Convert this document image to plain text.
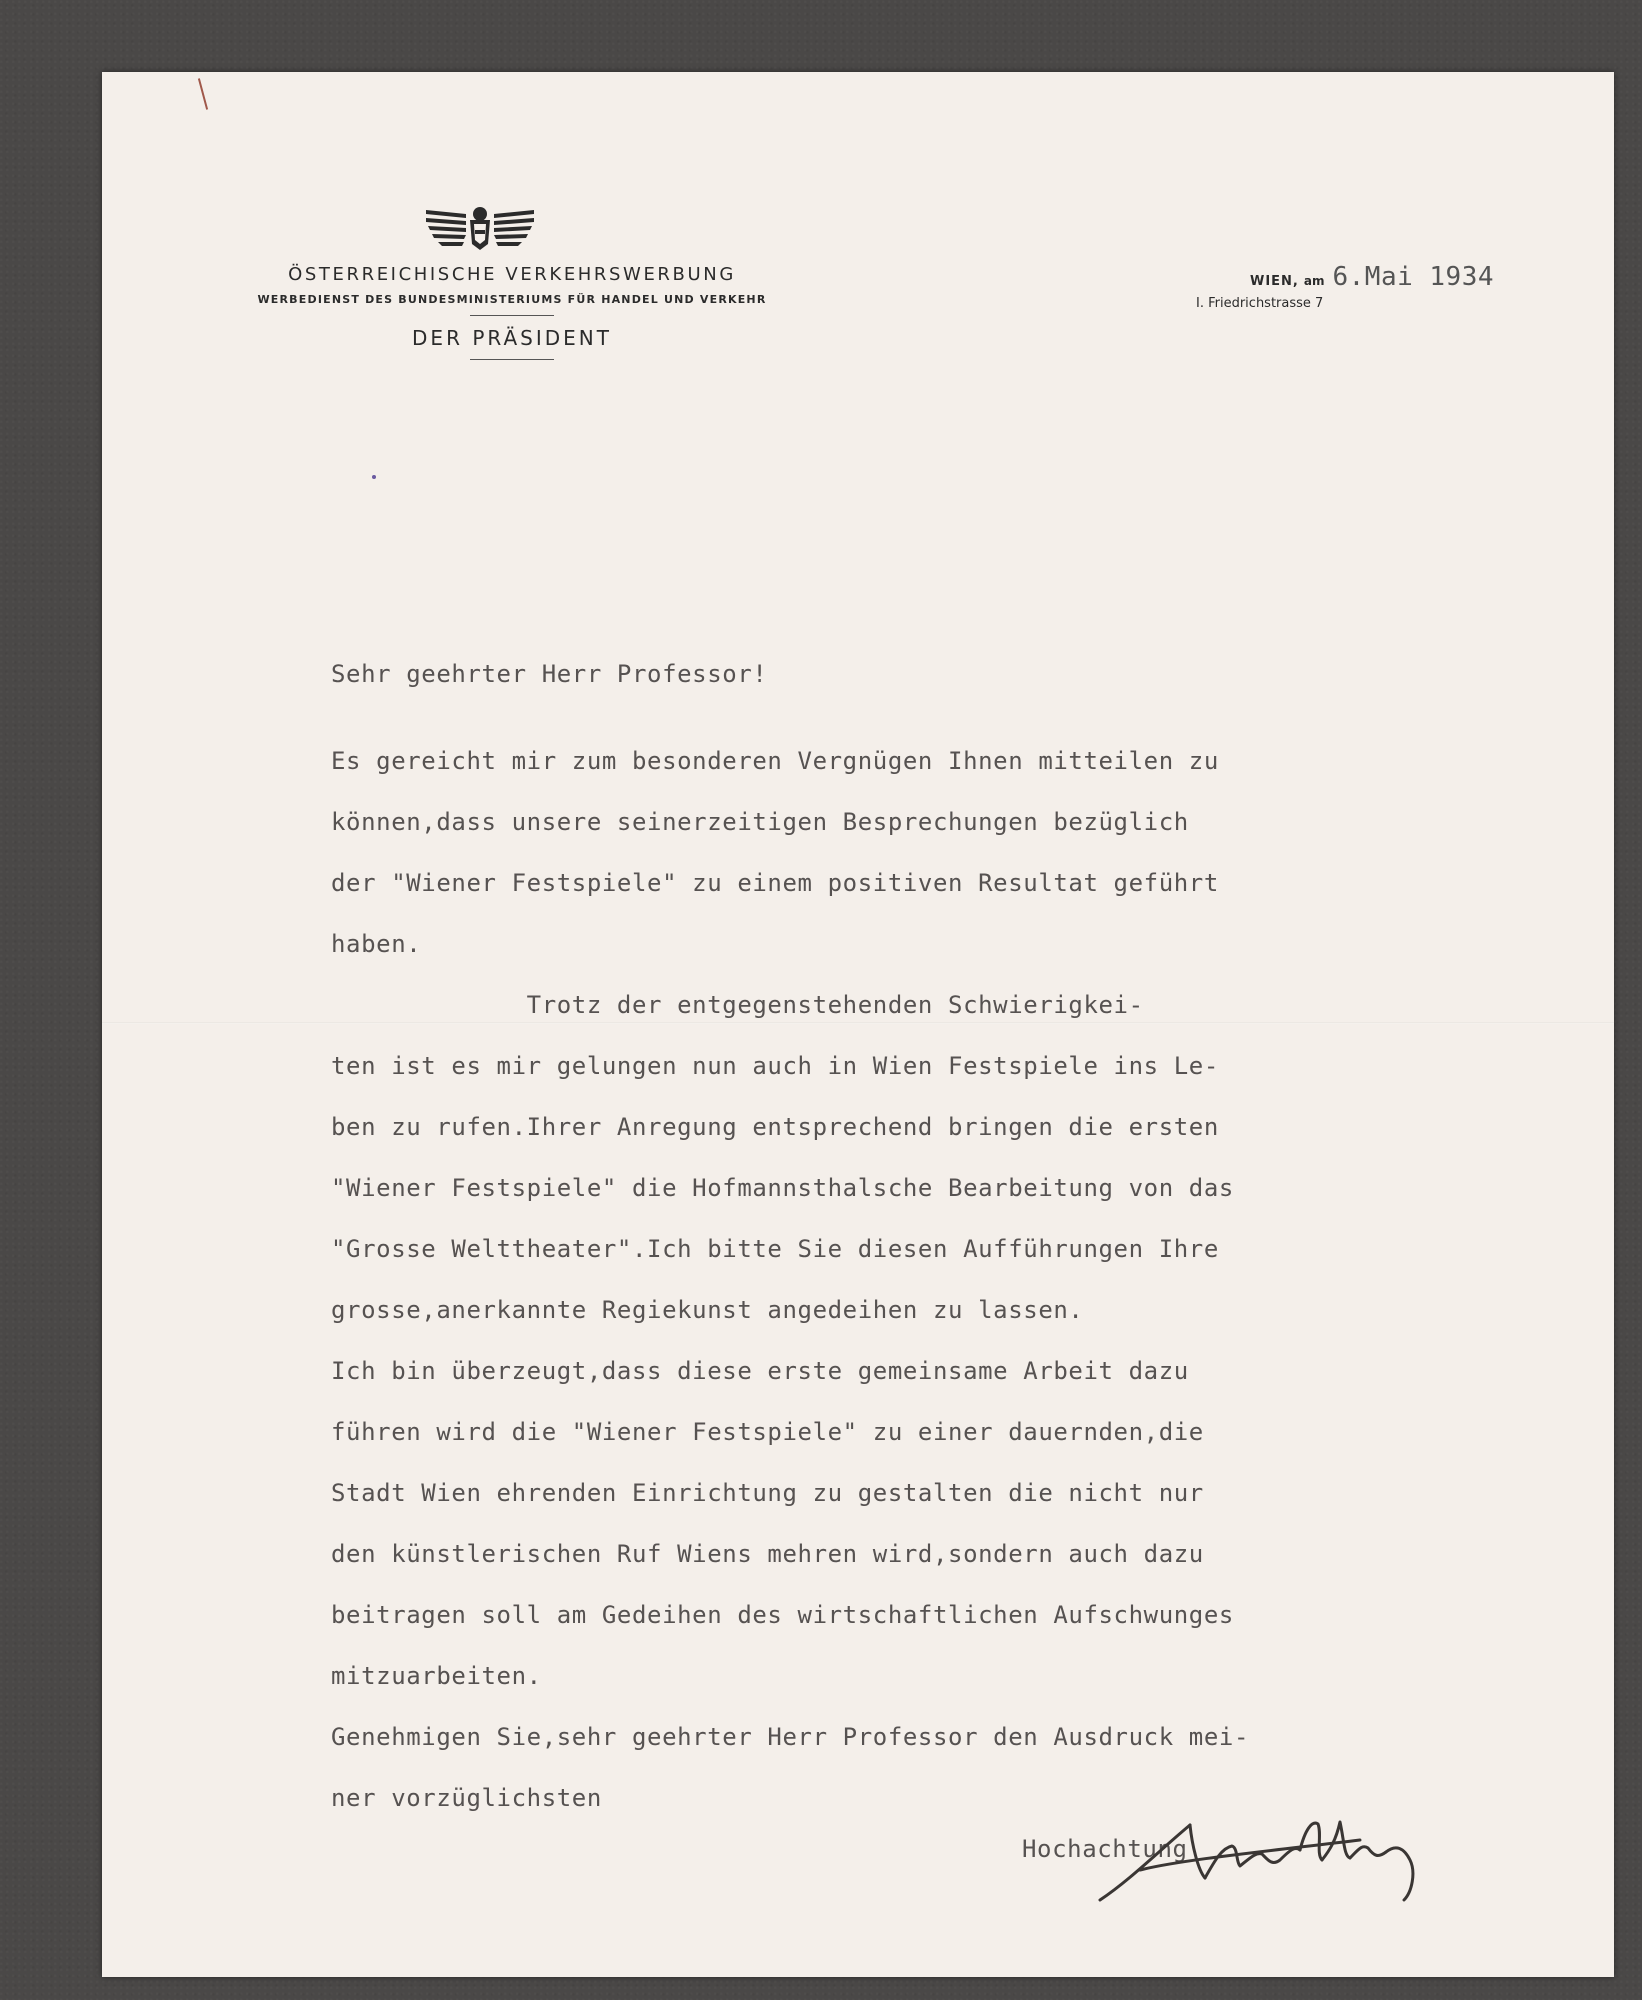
ÖSTERREICHISCHE VERKEHRSWERBUNG
WERBEDIENST DES BUNDESMINISTERIUMS FÜR HANDEL UND VERKEHR
DER PRÄSIDENT
WIEN, am 6.Mai 1934
I. Friedrichstrasse 7
Sehr geehrter Herr Professor!
Es gereicht mir zum besonderen Vergnügen Ihnen mitteilen zu
können,dass unsere seinerzeitigen Besprechungen bezüglich
der "Wiener Festspiele" zu einem positiven Resultat geführt
haben.
Trotz der entgegenstehenden Schwierigkei-
ten ist es mir gelungen nun auch in Wien Festspiele ins Le-
ben zu rufen.Ihrer Anregung entsprechend bringen die ersten
"Wiener Festspiele" die Hofmannsthalsche Bearbeitung von das
"Grosse Welttheater".Ich bitte Sie diesen Aufführungen Ihre
grosse,anerkannte Regiekunst angedeihen zu lassen.
Ich bin überzeugt,dass diese erste gemeinsame Arbeit dazu
führen wird die "Wiener Festspiele" zu einer dauernden,die
Stadt Wien ehrenden Einrichtung zu gestalten die nicht nur
den künstlerischen Ruf Wiens mehren wird,sondern auch dazu
beitragen soll am Gedeihen des wirtschaftlichen Aufschwunges
mitzuarbeiten.
Genehmigen Sie,sehr geehrter Herr Professor den Ausdruck mei-
ner vorzüglichsten
Hochachtung
